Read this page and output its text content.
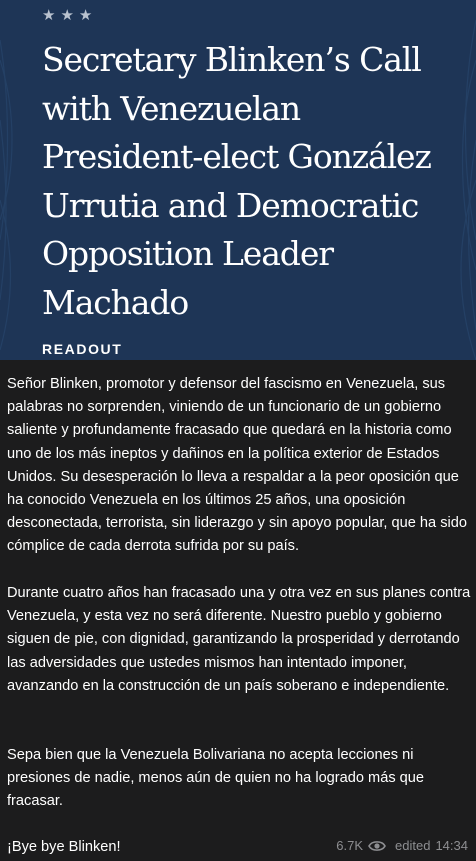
★★★
Secretary Blinken’s Call with Venezuelan President-elect González Urrutia and Democratic Opposition Leader Machado
READOUT

Señor Blinken, promotor y defensor del fascismo en Venezuela, sus palabras no sorprenden, viniendo de un funcionario de un gobierno saliente y profundamente fracasado que quedará en la historia como uno de los más ineptos y dañinos en la política exterior de Estados Unidos. Su desesperación lo lleva a respaldar a la peor oposición que ha conocido Venezuela en los últimos 25 años, una oposición desconectada, terrorista, sin liderazgo y sin apoyo popular, que ha sido cómplice de cada derrota sufrida por su país.

Durante cuatro años han fracasado una y otra vez en sus planes contra Venezuela, y esta vez no será diferente. Nuestro pueblo y gobierno siguen de pie, con dignidad, garantizando la prosperidad y derrotando las adversidades que ustedes mismos han intentado imponer, avanzando en la construcción de un país soberano e independiente.

Sepa bien que la Venezuela Bolivariana no acepta lecciones ni presiones de nadie, menos aún de quien no ha logrado más que fracasar.

¡Bye bye Blinken!	6.7K edited 14:34
